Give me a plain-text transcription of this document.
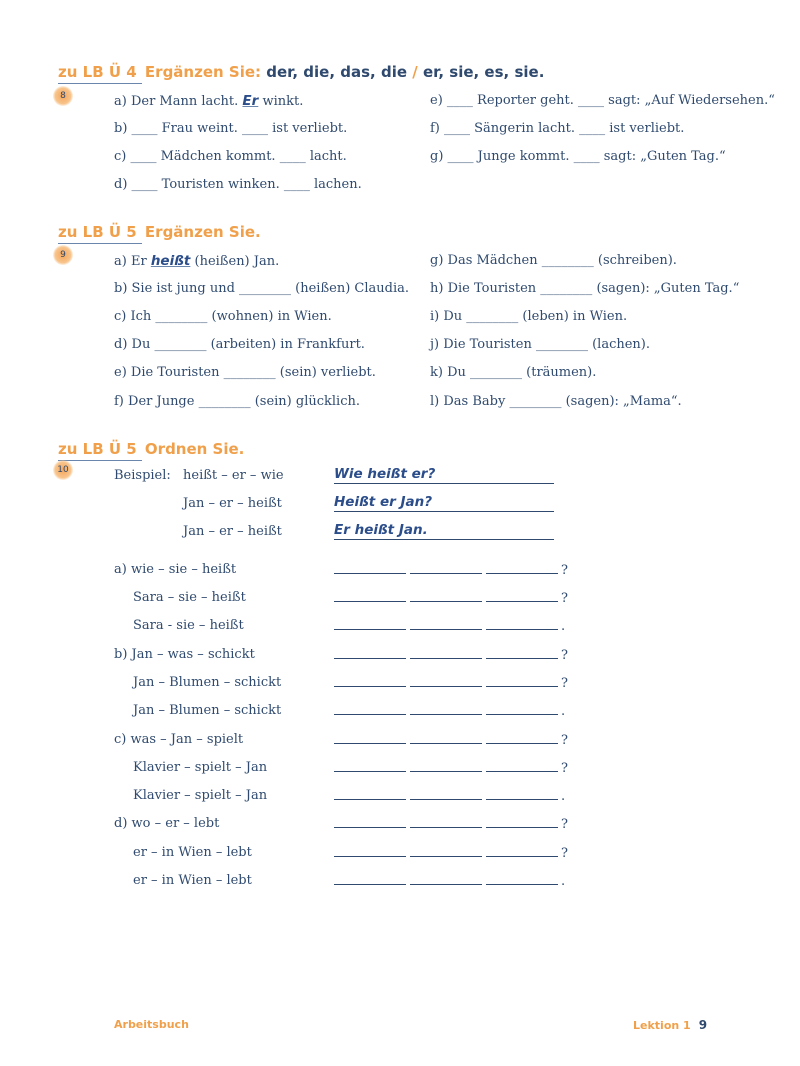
zu LB Ü 4 Ergänzen Sie: der, die, das, die / er, sie, es, sie.
8	a) Der Mann lacht. Er winkt.
b) ____ Frau weint. ____ ist verliebt.
c) ____ Mädchen kommt. ____ lacht.
d) ____ Touristen winken. ____ lachen.
e) ____ Reporter geht. ____ sagt: „Auf Wiedersehen.“
f) ____ Sängerin lacht. ____ ist verliebt.
g) ____ Junge kommt. ____ sagt: „Guten Tag.“
zu LB Ü 5 Ergänzen Sie.
9	a) Er heißt (heißen) Jan.
b) Sie ist jung und ________ (heißen) Claudia.
c) Ich ________ (wohnen) in Wien.
d) Du ________ (arbeiten) in Frankfurt.
e) Die Touristen ________ (sein) verliebt.
f) Der Junge ________ (sein) glücklich.
g) Das Mädchen ________ (schreiben).
h) Die Touristen ________ (sagen): „Guten Tag.“
i) Du ________ (leben) in Wien.
j) Die Touristen ________ (lachen).
k) Du ________ (träumen).
l) Das Baby ________ (sagen): „Mama“.
zu LB Ü 5 Ordnen Sie.
10	Beispiel: heißt – er – wie	Wie heißt er?
Jan – er – heißt	Heißt er Jan?
Jan – er – heißt	Er heißt Jan.
a) wie – sie – heißt	?
Sara – sie – heißt	?
Sara - sie – heißt	.
b) Jan – was – schickt	?
Jan – Blumen – schickt	?
Jan – Blumen – schickt	.
c) was – Jan – spielt	?
Klavier – spielt – Jan	?
Klavier – spielt – Jan	.
d) wo – er – lebt	?
er – in Wien – lebt	?
er – in Wien – lebt	.
Arbeitsbuch	Lektion 1 9
